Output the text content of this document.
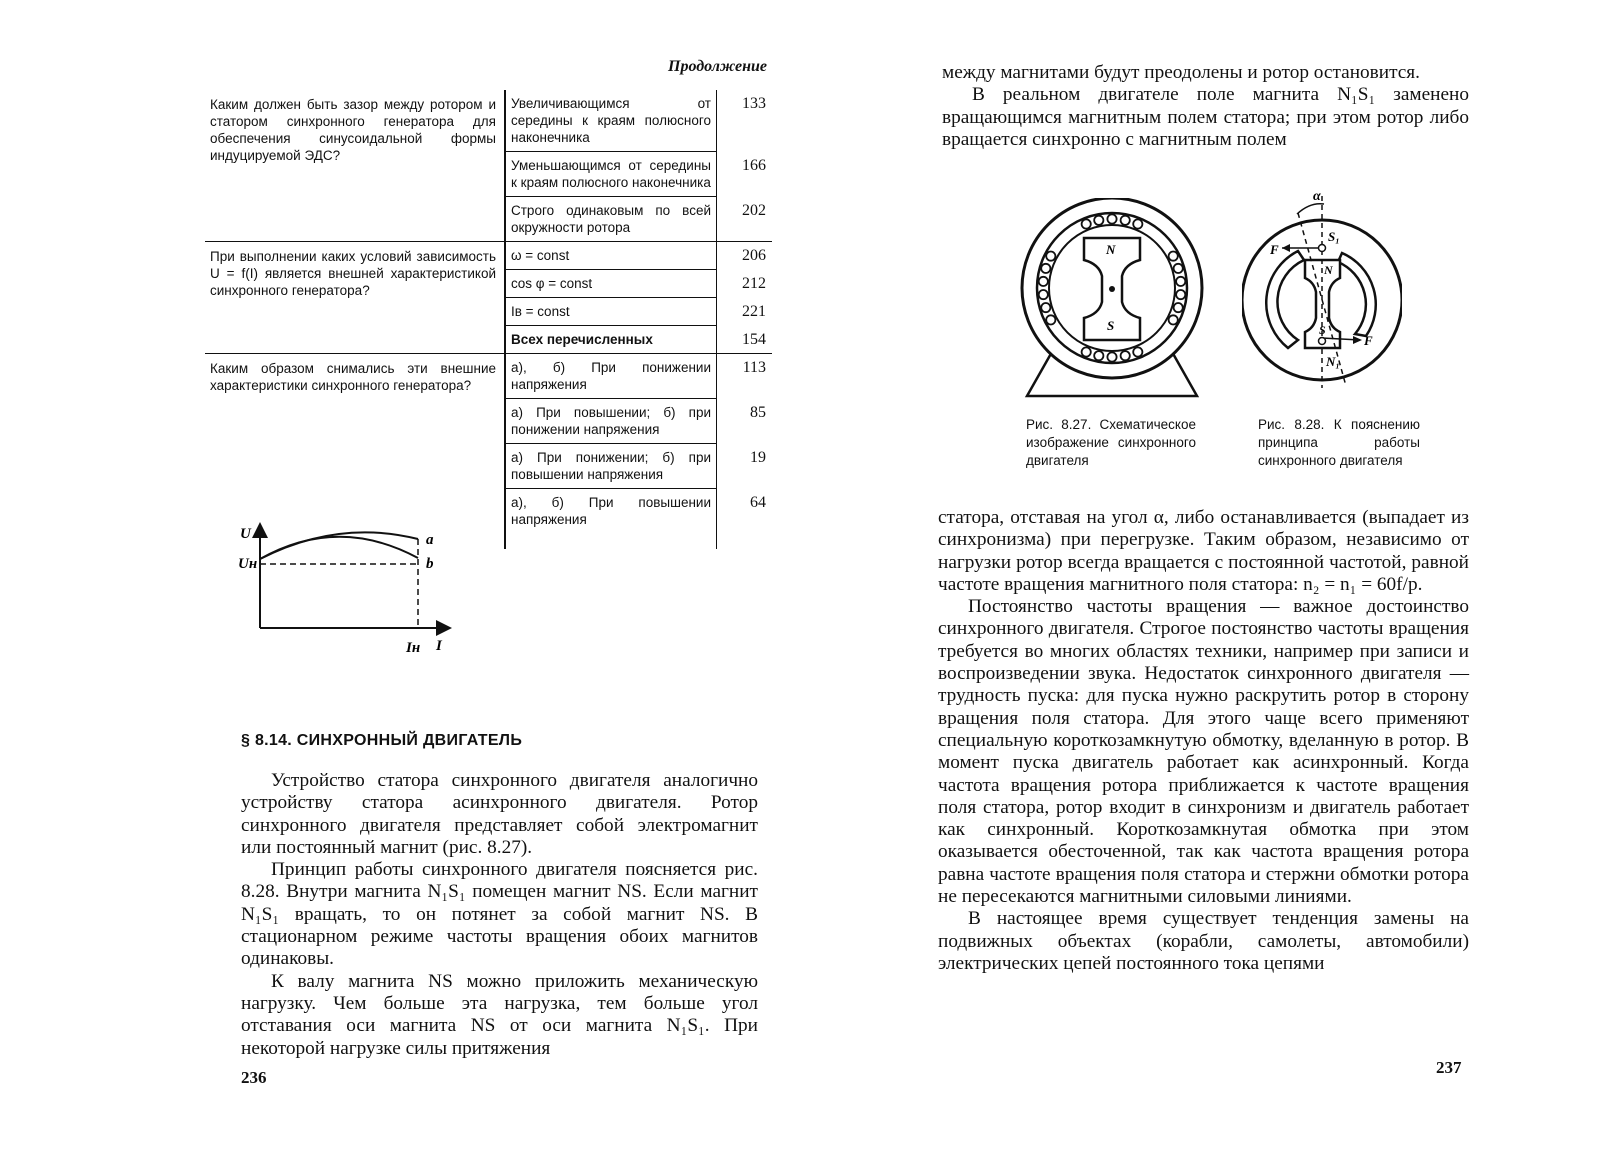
Продолжение
Каким должен быть зазор между ротором и статором синхронного генератора для обеспечения синусоидальной формы индуцируемой ЭДС?	Увеличивающимся от середины к краям полюсного наконечника	133
	Уменьшающимся от середины к краям полюсного наконечника	166
	Строго одинаковым по всей окружности ротора	202
При выполнении каких условий зависимость U = f(I) является внешней характеристикой синхронного генератора?	ω = const	206
	cos φ = const	212
	Iв = const	221
	Всех перечисленных	154
Каким образом снимались эти внешние характеристики синхронного генератора?	а), б) При понижении напряжения	113
	а) При повышении; б) при понижении напряжения	85
	а) При понижении; б) при повышении напряжения	19
	а), б) При повышении напряжения	64
U
Uн
a
b
Iн I
§ 8.14. СИНХРОННЫЙ ДВИГАТЕЛЬ

Устройство статора синхронного двигателя аналогично устройству статора асинхронного двигателя. Ротор синхронного двигателя представляет собой электромагнит или постоянный магнит (рис. 8.27).

Принцип работы синхронного двигателя поясняется рис. 8.28. Внутри магнита N₁S₁ помещен магнит NS. Если магнит N₁S₁ вращать, то он потянет за собой магнит NS. В стационарном режиме частоты вращения обоих магнитов одинаковы.

К валу магнита NS можно приложить механическую нагрузку. Чем больше эта нагрузка, тем больше угол отставания оси магнита NS от оси магнита N₁S₁. При некоторой нагрузке силы притяжения

236

между магнитами будут преодолены и ротор остановится.

В реальном двигателе поле магнита N₁S₁ заменено вращающимся магнитным полем статора; при этом ротор либо вращается синхронно с магнитным полем

N
S
Рис. 8.27. Схематическое изображение синхронного двигателя
α
S₁
F
N
S
F
N₁
Рис. 8.28. К пояснению принципа работы синхронного двигателя

статора, отставая на угол α, либо останавливается (выпадает из синхронизма) при перегрузке. Таким образом, независимо от нагрузки ротор всегда вращается с постоянной частотой, равной частоте вращения магнитного поля статора: n₂ = n₁ = 60f/p.

Постоянство частоты вращения — важное достоинство синхронного двигателя. Строгое постоянство частоты вращения требуется во многих областях техники, например при записи и воспроизведении звука. Недостаток синхронного двигателя — трудность пуска: для пуска нужно раскрутить ротор в сторону вращения поля статора. Для этого чаще всего применяют специальную короткозамкнутую обмотку, вделанную в ротор. В момент пуска двигатель работает как асинхронный. Когда частота вращения ротора приближается к частоте вращения поля статора, ротор входит в синхронизм и двигатель работает как синхронный. Короткозамкнутая обмотка при этом оказывается обесточенной, так как частота вращения ротора равна частоте вращения поля статора и стержни обмотки ротора не пересекаются магнитными силовыми линиями.

В настоящее время существует тенденция замены на подвижных объектах (корабли, самолеты, автомобили) электрических цепей постоянного тока цепями

237
